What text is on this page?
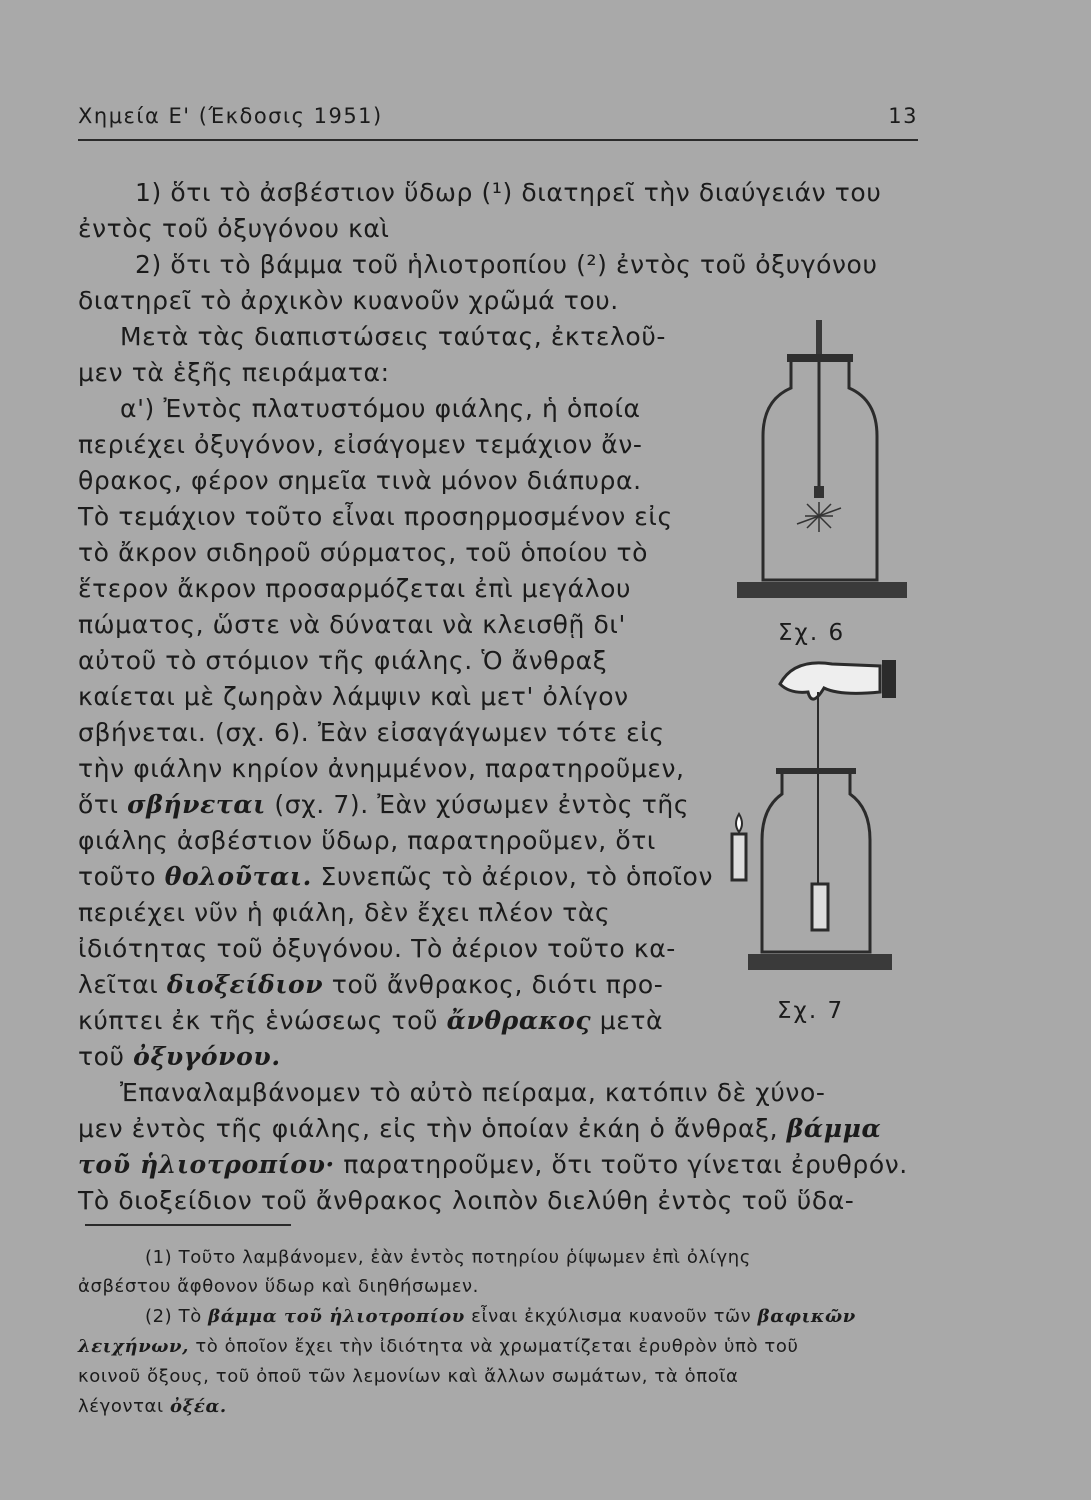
Χημεία Ε' (Έκδοσις 1951)	13
1) ὅτι τὸ ἀσβέστιον ὕδωρ (¹) διατηρεῖ τὴν διαύγειάν του
ἐντὸς τοῦ ὀξυγόνου καὶ
2) ὅτι τὸ βάμμα τοῦ ἡλιοτροπίου (²) ἐντὸς τοῦ ὀξυγόνου
διατηρεῖ τὸ ἀρχικὸν κυανοῦν χρῶμά του.
Μετὰ τὰς διαπιστώσεις ταύτας, ἐκτελοῦ-
μεν τὰ ἑξῆς πειράματα:
α') Ἐντὸς πλατυστόμου φιάλης, ἡ ὁποία
περιέχει ὀξυγόνον, εἰσάγομεν τεμάχιον ἄν-
θρακος, φέρον σημεῖα τινὰ μόνον διάπυρα.
Τὸ τεμάχιον τοῦτο εἶναι προσηρμοσμένον εἰς
τὸ ἄκρον σιδηροῦ σύρματος, τοῦ ὁποίου τὸ
ἕτερον ἄκρον προσαρμόζεται ἐπὶ μεγάλου
πώματος, ὥστε νὰ δύναται νὰ κλεισθῇ δι'
αὐτοῦ τὸ στόμιον τῆς φιάλης. Ὁ ἄνθραξ
καίεται μὲ ζωηρὰν λάμψιν καὶ μετ' ὀλίγον
σβήνεται. (σχ. 6). Ἐὰν εἰσαγάγωμεν τότε εἰς
τὴν φιάλην κηρίον ἀνημμένον, παρατηροῦμεν,
ὅτι σβήνεται (σχ. 7). Ἐὰν χύσωμεν ἐντὸς τῆς
φιάλης ἀσβέστιον ὕδωρ, παρατηροῦμεν, ὅτι
τοῦτο θολοῦται. Συνεπῶς τὸ ἀέριον, τὸ ὁποῖον
περιέχει νῦν ἡ φιάλη, δὲν ἔχει πλέον τὰς
ἰδιότητας τοῦ ὀξυγόνου. Τὸ ἀέριον τοῦτο κα-
λεῖται διοξείδιον τοῦ ἄνθρακος, διότι προ-
κύπτει ἐκ τῆς ἑνώσεως τοῦ ἄνθρακος μετὰ
τοῦ ὀξυγόνου.
Ἐπαναλαμβάνομεν τὸ αὐτὸ πείραμα, κατόπιν δὲ χύνο-
μεν ἐντὸς τῆς φιάλης, εἰς τὴν ὁποίαν ἐκάη ὁ ἄνθραξ, βάμμα
τοῦ ἡλιοτροπίου· παρατηροῦμεν, ὅτι τοῦτο γίνεται ἐρυθρόν.
Τὸ διοξείδιον τοῦ ἄνθρακος λοιπὸν διελύθη ἐντὸς τοῦ ὕδα-
Σχ. 6
Σχ. 7
(1) Τοῦτο λαμβάνομεν, ἐὰν ἐντὸς ποτηρίου ῥίψωμεν ἐπὶ ὀλίγης
ἀσβέστου ἄφθονον ὕδωρ καὶ διηθήσωμεν.
(2) Τὸ βάμμα τοῦ ἡλιοτροπίου εἶναι ἐκχύλισμα κυανοῦν τῶν βαφικῶν
λειχήνων, τὸ ὁποῖον ἔχει τὴν ἰδιότητα νὰ χρωματίζεται ἐρυθρὸν ὑπὸ τοῦ
κοινοῦ ὄξους, τοῦ ὀποῦ τῶν λεμονίων καὶ ἄλλων σωμάτων, τὰ ὁποῖα
λέγονται ὀξέα.
